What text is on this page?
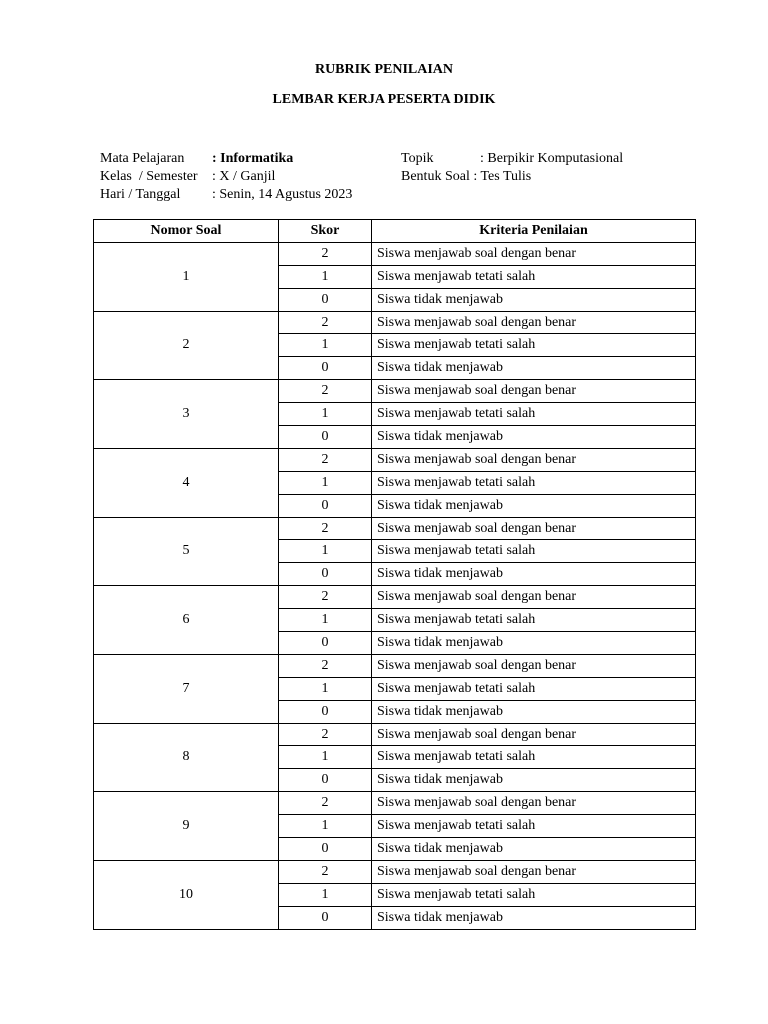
RUBRIK PENILAIAN
LEMBAR KERJA PESERTA DIDIK
Mata Pelajaran : Informatika
Kelas  / Semester : X / Ganjil
Hari / Tanggal : Senin, 14 Agustus 2023
Topik	: Berpikir Komputasional
Bentuk Soal : Tes Tulis
Nomor Soal	Skor	Kriteria Penilaian
1	2	Siswa menjawab soal dengan benar
	1	Siswa menjawab tetati salah
	0	Siswa tidak menjawab
2	2	Siswa menjawab soal dengan benar
	1	Siswa menjawab tetati salah
	0	Siswa tidak menjawab
3	2	Siswa menjawab soal dengan benar
	1	Siswa menjawab tetati salah
	0	Siswa tidak menjawab
4	2	Siswa menjawab soal dengan benar
	1	Siswa menjawab tetati salah
	0	Siswa tidak menjawab
5	2	Siswa menjawab soal dengan benar
	1	Siswa menjawab tetati salah
	0	Siswa tidak menjawab
6	2	Siswa menjawab soal dengan benar
	1	Siswa menjawab tetati salah
	0	Siswa tidak menjawab
7	2	Siswa menjawab soal dengan benar
	1	Siswa menjawab tetati salah
	0	Siswa tidak menjawab
8	2	Siswa menjawab soal dengan benar
	1	Siswa menjawab tetati salah
	0	Siswa tidak menjawab
9	2	Siswa menjawab soal dengan benar
	1	Siswa menjawab tetati salah
	0	Siswa tidak menjawab
10	2	Siswa menjawab soal dengan benar
	1	Siswa menjawab tetati salah
	0	Siswa tidak menjawab
